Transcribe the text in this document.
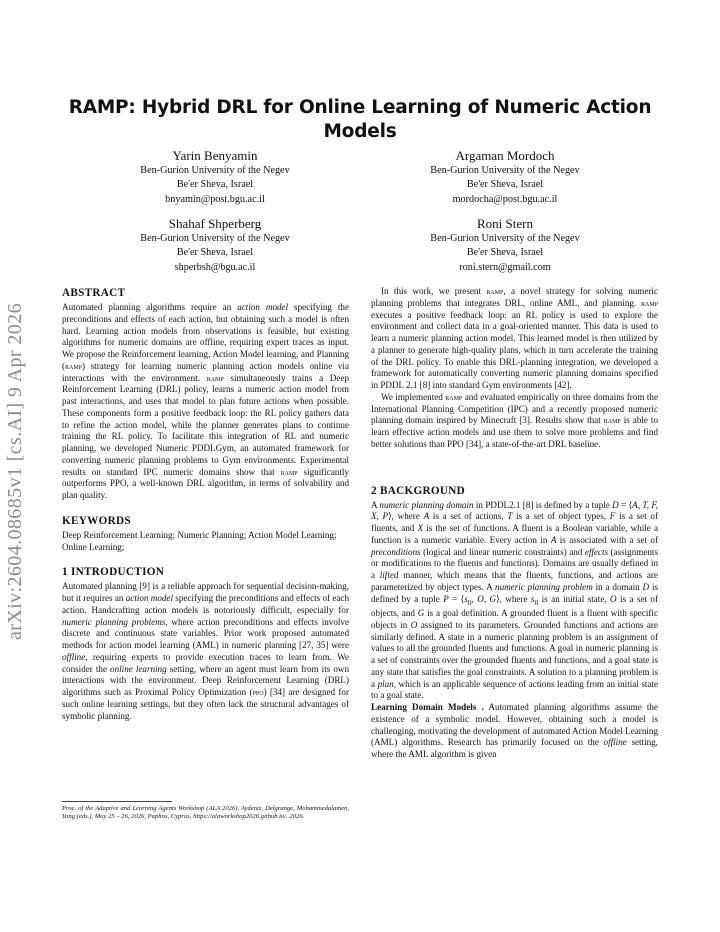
RAMP: Hybrid DRL for Online Learning of Numeric Action Models
Yarin Benyamin
Ben-Gurion University of the Negev
Be'er Sheva, Israel
bnyamin@post.bgu.ac.il
Argaman Mordoch
Ben-Gurion University of the Negev
Be'er Sheva, Israel
mordocha@post.bgu.ac.il
Shahaf Shperberg
Ben-Gurion University of the Negev
Be'er Sheva, Israel
shperbsh@bgu.ac.il
Roni Stern
Ben-Gurion University of the Negev
Be'er Sheva, Israel
roni.stern@gmail.com
arXiv:2604.08685v1 [cs.AI] 9 Apr 2026
ABSTRACT

Automated planning algorithms require an action model specifying the preconditions and effects of each action, but obtaining such a model is often hard. Learning action models from observations is feasible, but existing algorithms for numeric domains are offline, requiring expert traces as input. We propose the Reinforcement learning, Action Model learning, and Planning (ramp) strategy for learning numeric planning action models online via interactions with the environment. ramp simultaneously trains a Deep Reinforcement Learning (DRL) policy, learns a numeric action model from past interactions, and uses that model to plan future actions when possible. These components form a positive feedback loop: the RL policy gathers data to refine the action model, while the planner generates plans to continue training the RL policy. To facilitate this integration of RL and numeric planning, we developed Numeric PDDLGym, an automated framework for converting numeric planning problems to Gym environments. Experimental results on standard IPC numeric domains show that ramp significantly outperforms PPO, a well-known DRL algorithm, in terms of solvability and plan quality.

KEYWORDS

Deep Reinforcement Learning; Numeric Planning; Action Model Learning; Online Learning;

1 INTRODUCTION

Automated planning [9] is a reliable approach for sequential decision-making, but it requires an action model specifying the preconditions and effects of each action. Handcrafting action models is notoriously difficult, especially for numeric planning problems, where action preconditions and effects involve discrete and continuous state variables. Prior work proposed automated methods for action model learning (AML) in numeric planning [27, 35] were offline, requiring experts to provide execution traces to learn from. We consider the online learning setting, where an agent must learn from its own interactions with the environment. Deep Reinforcement Learning (DRL) algorithms such as Proximal Policy Optimization (ppo) [34] are designed for such online learning settings, but they often lack the structural advantages of symbolic planning.

Proc. of the Adaptive and Learning Agents Workshop (ALA 2026), Aydeniz, Delgrange, Mohammedalamen, Yang (eds.), May 25 – 26, 2026, Paphos, Cyprus, https://alaworkshop2026.github.io/. 2026.

In this work, we present ramp, a novel strategy for solving numeric planning problems that integrates DRL, online AML, and planning. ramp executes a positive feedback loop: an RL policy is used to explore the environment and collect data in a goal-oriented manner. This data is used to learn a numeric planning action model. This learned model is then utilized by a planner to generate high-quality plans, which in turn accelerate the training of the DRL policy. To enable this DRL-planning integration, we developed a framework for automatically converting numeric planning domains specified in PDDL 2.1 [8] into standard Gym environments [42].

We implemented ramp and evaluated empirically on three domains from the International Planning Competition (IPC) and a recently proposed numeric planning domain inspired by Minecraft [3]. Results show that ramp is able to learn effective action models and use them to solve more problems and find better solutions than PPO [34], a state-of-the-art DRL baseline.

2 BACKGROUND

A numeric planning domain in PDDL2.1 [8] is defined by a tuple D = ⟨A, T, F, X, P⟩, where A is a set of actions, T is a set of object types, F is a set of fluents, and X is the set of functions. A fluent is a Boolean variable, while a function is a numeric variable. Every action in A is associated with a set of preconditions (logical and linear numeric constraints) and effects (assignments or modifications to the fluents and functions). Domains are usually defined in a lifted manner, which means that the fluents, functions, and actions are parameterized by object types. A numeric planning problem in a domain D is defined by a tuple $P = ⟨s_0$, O, G⟩, where $s_0$ is an initial state, O is a set of objects, and G is a goal definition. A grounded fluent is a fluent with specific objects in O assigned to its parameters. Grounded functions and actions are similarly defined. A state in a numeric planning problem is an assignment of values to all the grounded fluents and functions. A goal in numeric planning is a set of constraints over the grounded fluents and functions, and a goal state is any state that satisfies the goal constraints. A solution to a planning problem is a plan, which is an applicable sequence of actions leading from an initial state to a goal state.

Learning Domain Models . Automated planning algorithms assume the existence of a symbolic model. However, obtaining such a model is challenging, motivating the development of automated Action Model Learning (AML) algorithms. Research has primarily focused on the offline setting, where the AML algorithm is given
